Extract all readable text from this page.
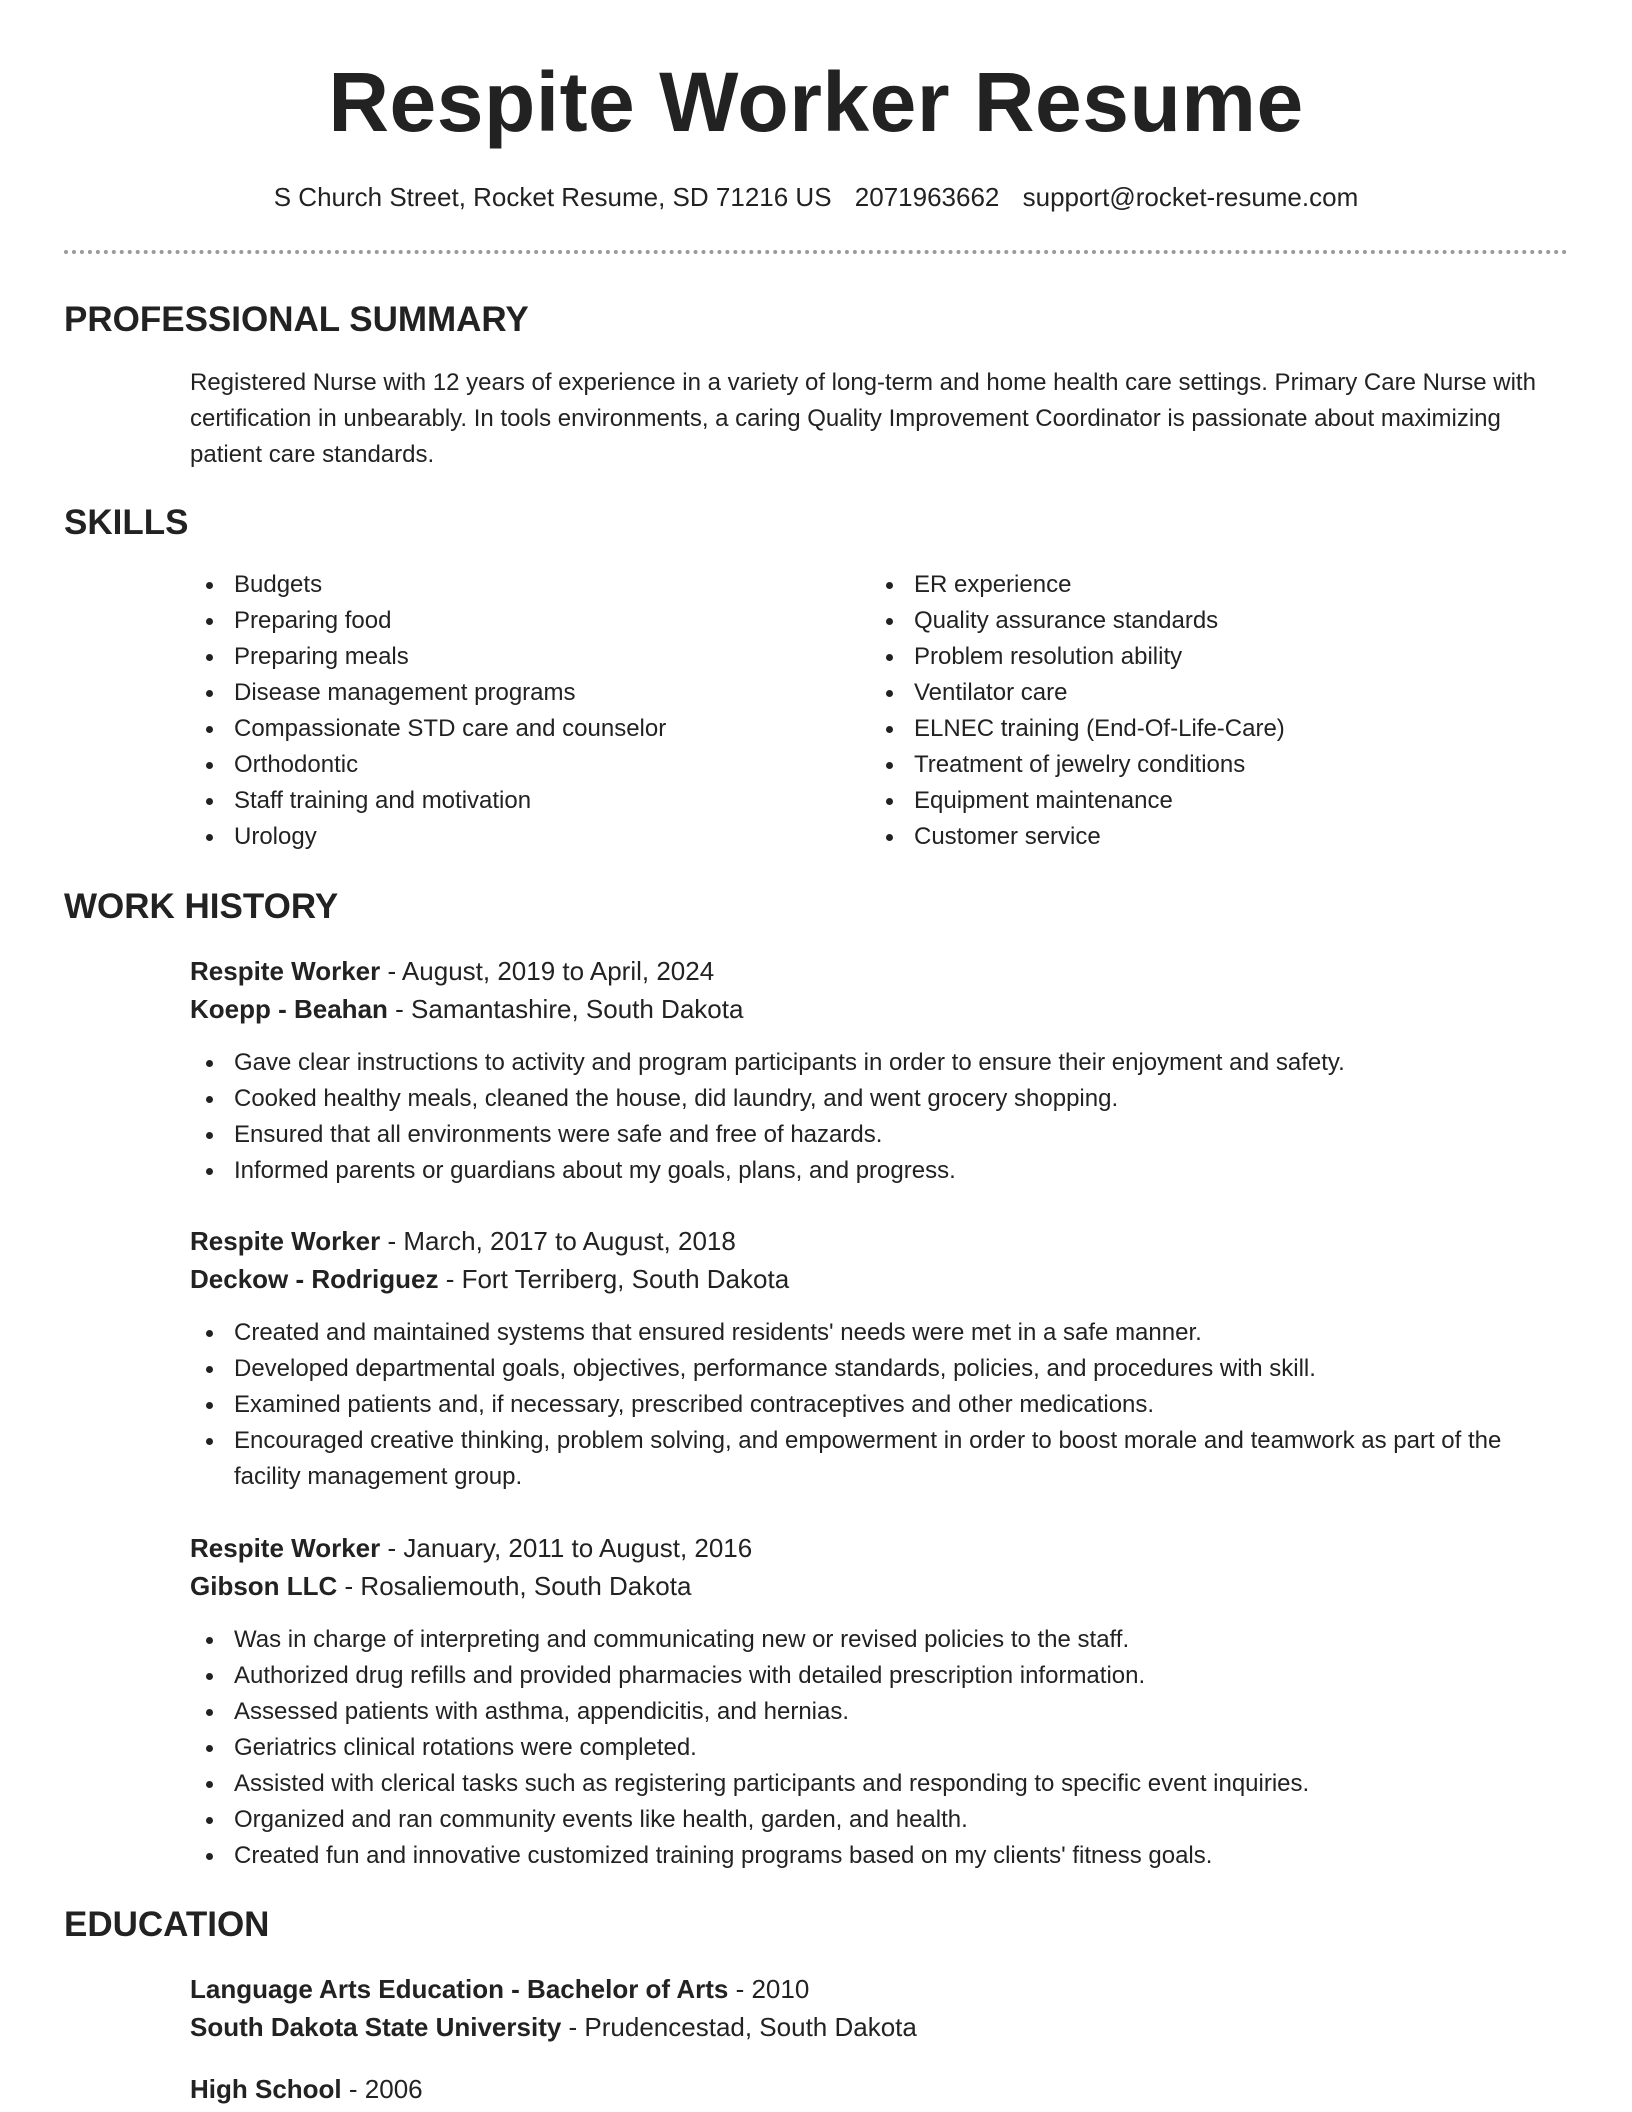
Respite Worker Resume
S Church Street, Rocket Resume, SD 71216 US 2071963662 support@rocket-resume.com
PROFESSIONAL SUMMARY

Registered Nurse with 12 years of experience in a variety of long-term and home health care settings. Primary Care Nurse with certification in unbearably. In tools environments, a caring Quality Improvement Coordinator is passionate about maximizing patient care standards.

SKILLS
Budgets
Preparing food
Preparing meals
Disease management programs
Compassionate STD care and counselor
Orthodontic
Staff training and motivation
Urology
ER experience
Quality assurance standards
Problem resolution ability
Ventilator care
ELNEC training (End-Of-Life-Care)
Treatment of jewelry conditions
Equipment maintenance
Customer service
WORK HISTORY

Respite Worker - August, 2019 to April, 2024

Koepp - Beahan - Samantashire, South Dakota

Gave clear instructions to activity and program participants in order to ensure their enjoyment and safety.
Cooked healthy meals, cleaned the house, did laundry, and went grocery shopping.
Ensured that all environments were safe and free of hazards.
Informed parents or guardians about my goals, plans, and progress.

Respite Worker - March, 2017 to August, 2018

Deckow - Rodriguez - Fort Terriberg, South Dakota

Created and maintained systems that ensured residents' needs were met in a safe manner.
Developed departmental goals, objectives, performance standards, policies, and procedures with skill.
Examined patients and, if necessary, prescribed contraceptives and other medications.
Encouraged creative thinking, problem solving, and empowerment in order to boost morale and teamwork as part of the facility management group.

Respite Worker - January, 2011 to August, 2016

Gibson LLC - Rosaliemouth, South Dakota

Was in charge of interpreting and communicating new or revised policies to the staff.
Authorized drug refills and provided pharmacies with detailed prescription information.
Assessed patients with asthma, appendicitis, and hernias.
Geriatrics clinical rotations were completed.
Assisted with clerical tasks such as registering participants and responding to specific event inquiries.
Organized and ran community events like health, garden, and health.
Created fun and innovative customized training programs based on my clients' fitness goals.
EDUCATION

Language Arts Education - Bachelor of Arts - 2010

South Dakota State University - Prudencestad, South Dakota

High School - 2006
